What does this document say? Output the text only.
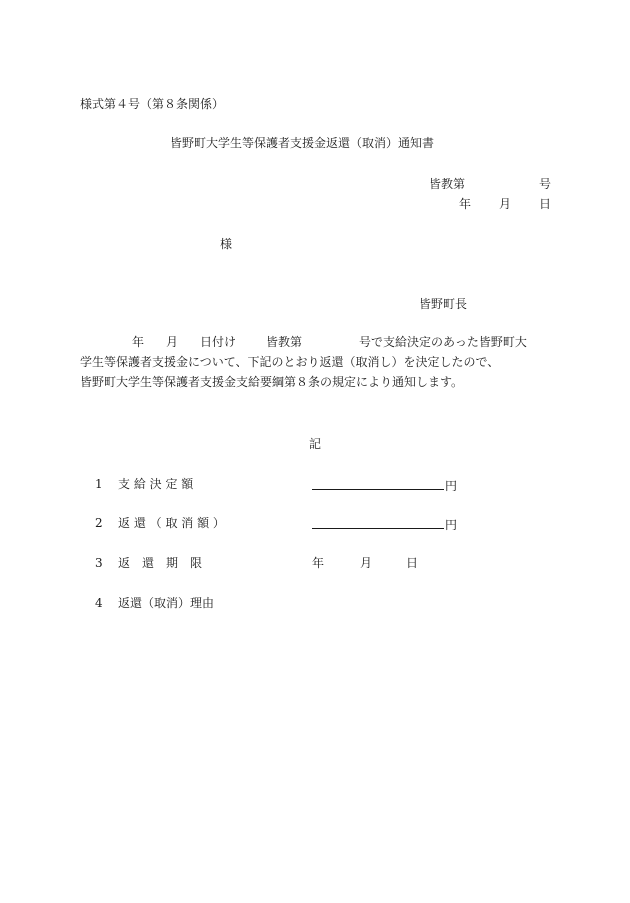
様式第４号（第８条関係）
皆野町大学生等保護者支援金返還（取消）通知書
皆教第	号
年 月 日
様
皆野町長
年 月 日付け 皆教第	号で支給決定のあった皆野町大
学生等保護者支援金について、下記のとおり返還（取消し）を決定したので、
皆野町大学生等保護者支援金支給要綱第８条の規定により通知します。
記
1 支 給 決 定 額	円
2 返 還 （ 取 消 額 ）	円
3 返　還　期　限	年	月	日
4 返還（取消）理由
